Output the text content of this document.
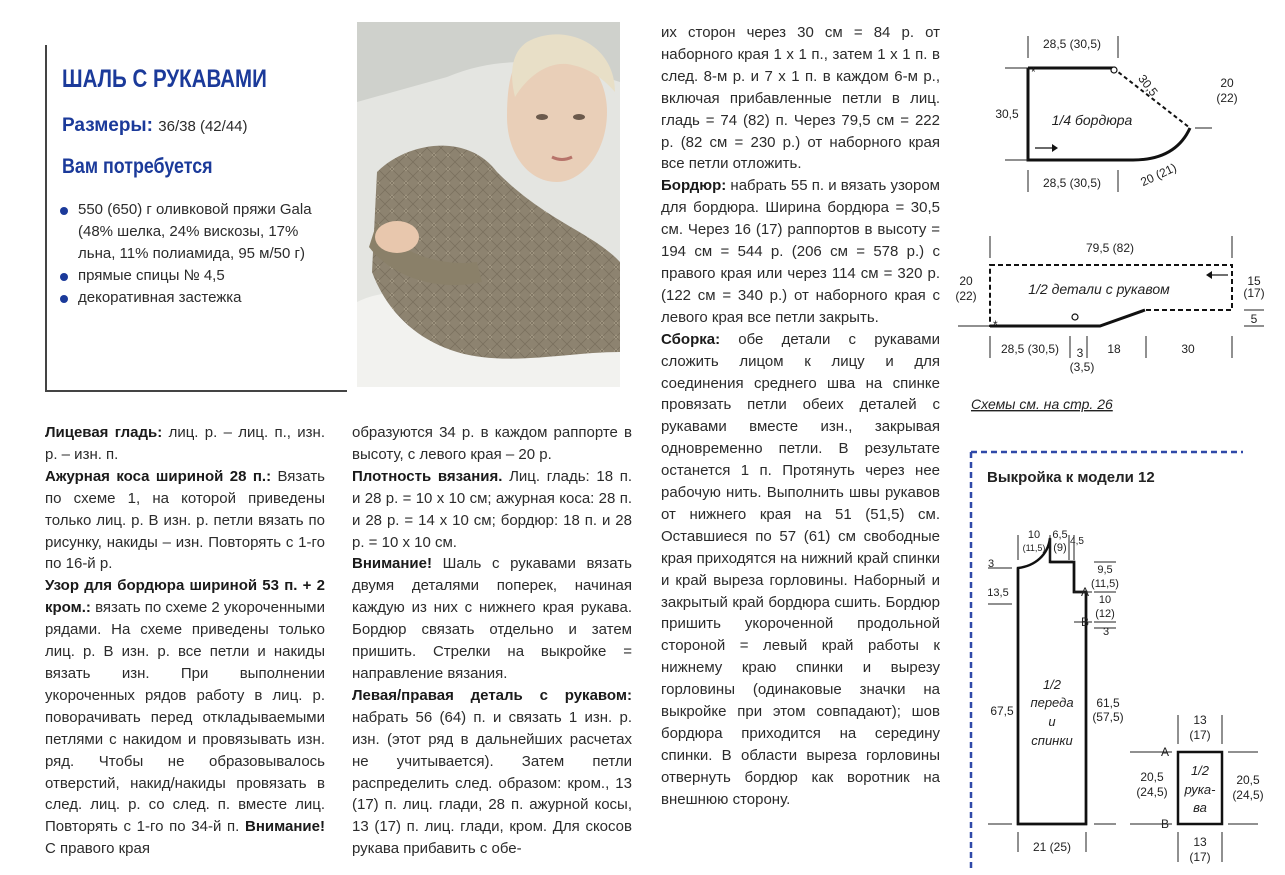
ШАЛЬ С РУКАВАМИ
Размеры: 36/38 (42/44)
Вам потребуется
550 (650) г оливковой пряжи Gala (48% шелка, 24% вискозы, 17% льна, 11% полиамида, 95 м/50 г)
прямые спицы № 4,5
декоративная застежка

Лицевая гладь: лиц. р. – лиц. п., изн. р. – изн. п.

Ажурная коса шириной 28 п.: Вязать по схеме 1, на которой приведены только лиц. р. В изн. р. петли вязать по рисунку, накиды – изн. Повторять с 1-го по 16-й р.

Узор для бордюра шириной 53 п. + 2 кром.: вязать по схеме 2 укороченными рядами. На схеме приведены только лиц. р. В изн. р. все петли и накиды вязать изн. При выполнении укороченных рядов работу в лиц. р. поворачивать перед откладываемыми петлями с накидом и провязывать изн. ряд. Чтобы не образовывалось отверстий, накид/накиды провязать в след. лиц. р. со след. п. вместе лиц. Повторять с 1-го по 34-й п. Внимание! С правого края

образуются 34 р. в каждом раппорте в высоту, с левого края – 20 р.

Плотность вязания. Лиц. гладь: 18 п. и 28 р. = 10 x 10 см; ажурная коса: 28 п. и 28 р. = 14 x 10 см; бордюр: 18 п. и 28 р. = 10 x 10 см.

Внимание! Шаль с рукавами вязать двумя деталями поперек, начиная каждую из них с нижнего края рукава. Бордюр связать отдельно и затем пришить. Стрелки на выкройке = направление вязания.

Левая/правая деталь с рукавом: набрать 56 (64) п. и связать 1 изн. р. изн. (этот ряд в дальнейших расчетах не учитывается). Затем петли распределить след. образом: кром., 13 (17) п. лиц. глади, 28 п. ажурной косы, 13 (17) п. лиц. глади, кром. Для скосов рукава прибавить с обе-

их сторон через 30 см = 84 р. от наборного края 1 x 1 п., затем 1 x 1 п. в след. 8-м р. и 7 x 1 п. в каждом 6-м р., включая прибавленные петли в лиц. гладь = 74 (82) п. Через 79,5 см = 222 р. (82 см = 230 р.) от наборного края все петли отложить.

Бордюр: набрать 55 п. и вязать узором для бордюра. Ширина бордюра = 30,5 см. Через 16 (17) раппортов в высоту = 194 см = 544 р. (206 см = 578 р.) с правого края или через 114 см = 320 р. (122 см = 340 р.) от наборного края с левого края все петли закрыть.

Сборка: обе детали с рукавами сложить лицом к лицу и для соединения среднего шва на спинке провязать петли обеих деталей с рукавами вместе изн., закрывая одновременно петли. В результате останется 1 п. Протянуть через нее рабочую нить. Выполнить швы рукавов от нижнего края на 51 (51,5) см. Оставшиеся по 57 (61) см свободные края приходятся на нижний край спинки и край выреза горловины. Наборный и закрытый край бордюра сшить. Бордюр пришить укороченной продольной стороной = левый край работы к нижнему краю спинки и вырезу горловины (одинаковые значки на выкройке при этом совпадают); шов бордюра приходится на середину спинки. В области выреза горловины отвернуть бордюр как воротник на внешнюю сторону.

28,5 (30,5)
*	30,5	20
(22)
30,5 1/4 бордюра
28,5 (30,5)	20 (21)
79,5 (82)
*
20
(22)
15
(17)
5
1/2 детали с рукавом
28,5 (30,5) 3
(3,5)
18	30
Схемы см. на стр. 26
Выкройка к модели 12
10
(11,5)
6,5
(9)
4,5
9,5
(11,5)
10
(12)
3
A
B
3
13,5
67,5
61,5
(57,5)
1/2
переда
и
спинки
21 (25)
13
(17)
A
B
20,5
(24,5)
20,5
(24,5)
1/2
рука-
ва
13
(17)
